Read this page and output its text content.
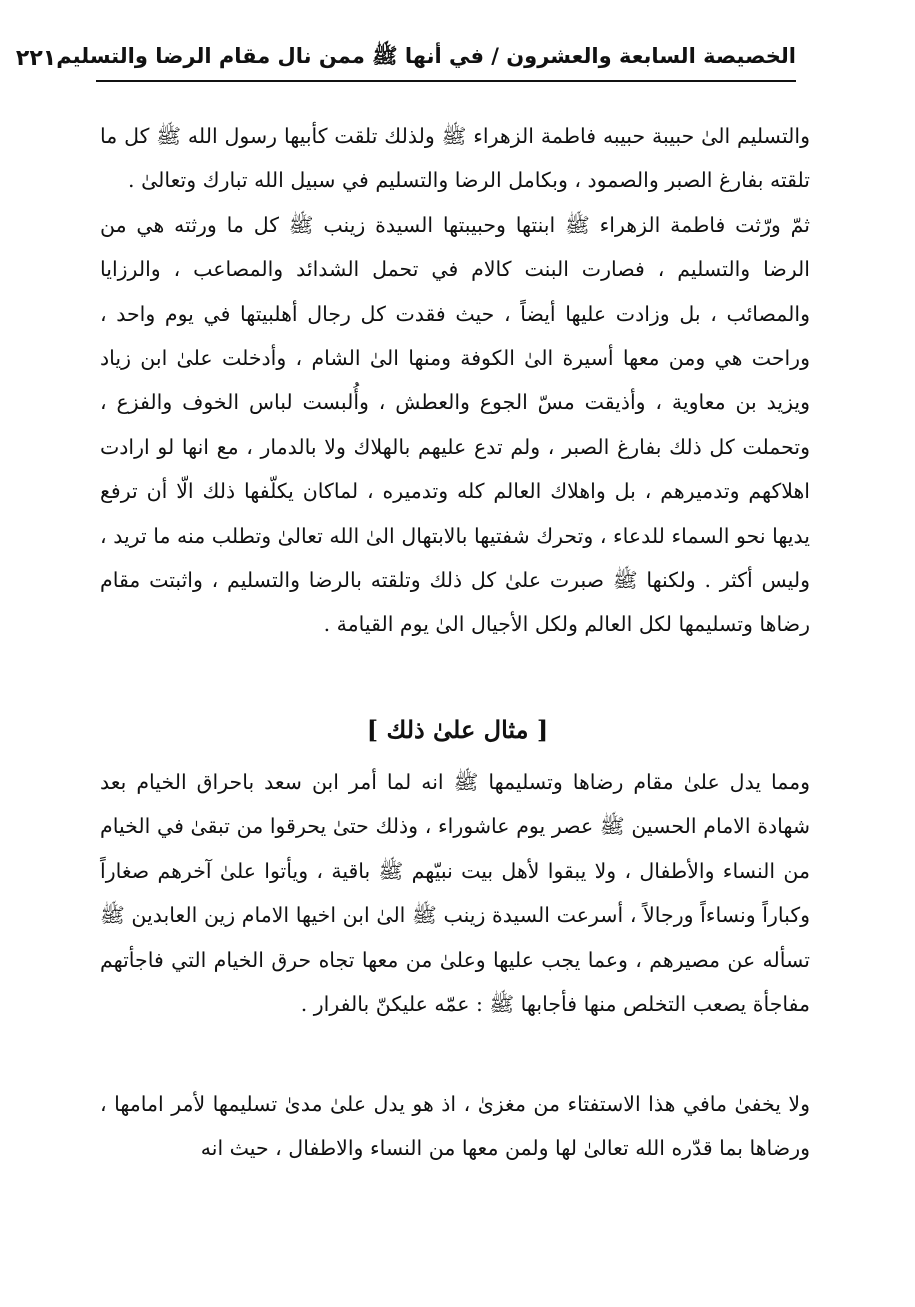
الخصيصة السابعة والعشرون / في أنها ﷺ ممن نال مقام الرضا والتسليم
٢٢١

والتسليم الىٰ حبيبة حبيبه فاطمة الزهراء ﷺ ولذلك تلقت كأبيها رسول الله ﷺ كل ما تلقته بفارغ الصبر والصمود ، وبكامل الرضا والتسليم في سبيل الله تبارك وتعالىٰ .
ثمّ ورّثت فاطمة الزهراء ﷺ ابنتها وحبيبتها السيدة زينب ﷺ كل ما ورثته هي من الرضا والتسليم ، فصارت البنت كالام في تحمل الشدائد والمصاعب ، والرزايا والمصائب ، بل وزادت عليها أيضاً ، حيث فقدت كل رجال أهلبيتها في يوم واحد ، وراحت هي ومن معها أسيرة الىٰ الكوفة ومنها الىٰ الشام ، وأدخلت علىٰ ابن زياد ويزيد بن معاوية ، وأذيقت مسّ الجوع والعطش ، وأُلبست لباس الخوف والفزع ، وتحملت كل ذلك بفارغ الصبر ، ولم تدع عليهم بالهلاك ولا بالدمار ، مع انها لو ارادت اهلاكهم وتدميرهم ، بل واهلاك العالم كله وتدميره ، لماكان يكلّفها ذلك الّا أن ترفع يديها نحو السماء للدعاء ، وتحرك شفتيها بالابتهال الىٰ الله تعالىٰ وتطلب منه ما تريد ، وليس أكثر . ولكنها ﷺ صبرت علىٰ كل ذلك وتلقته بالرضا والتسليم ، واثبتت مقام رضاها وتسليمها لكل العالم ولكل الأجيال الىٰ يوم القيامة .

[ مثال علىٰ ذلك ]

ومما يدل علىٰ مقام رضاها وتسليمها ﷺ انه لما أمر ابن سعد باحراق الخيام بعد شهادة الامام الحسين ﷺ عصر يوم عاشوراء ، وذلك حتىٰ يحرقوا من تبقىٰ في الخيام من النساء والأطفال ، ولا يبقوا لأهل بيت نبيّهم ﷺ باقية ، ويأتوا علىٰ آخرهم صغاراً وكباراً ونساءاً ورجالاً ، أسرعت السيدة زينب ﷺ الىٰ ابن اخيها الامام زين العابدين ﷺ تسأله عن مصيرهم ، وعما يجب عليها وعلىٰ من معها تجاه حرق الخيام التي فاجأتهم مفاجأة يصعب التخلص منها فأجابها ﷺ : عمّه عليكنّ بالفرار .

ولا يخفىٰ مافي هذا الاستفتاء من مغزىٰ ، اذ هو يدل علىٰ مدىٰ تسليمها لأمر امامها ، ورضاها بما قدّره الله تعالىٰ لها ولمن معها من النساء والاطفال ، حيث انه
